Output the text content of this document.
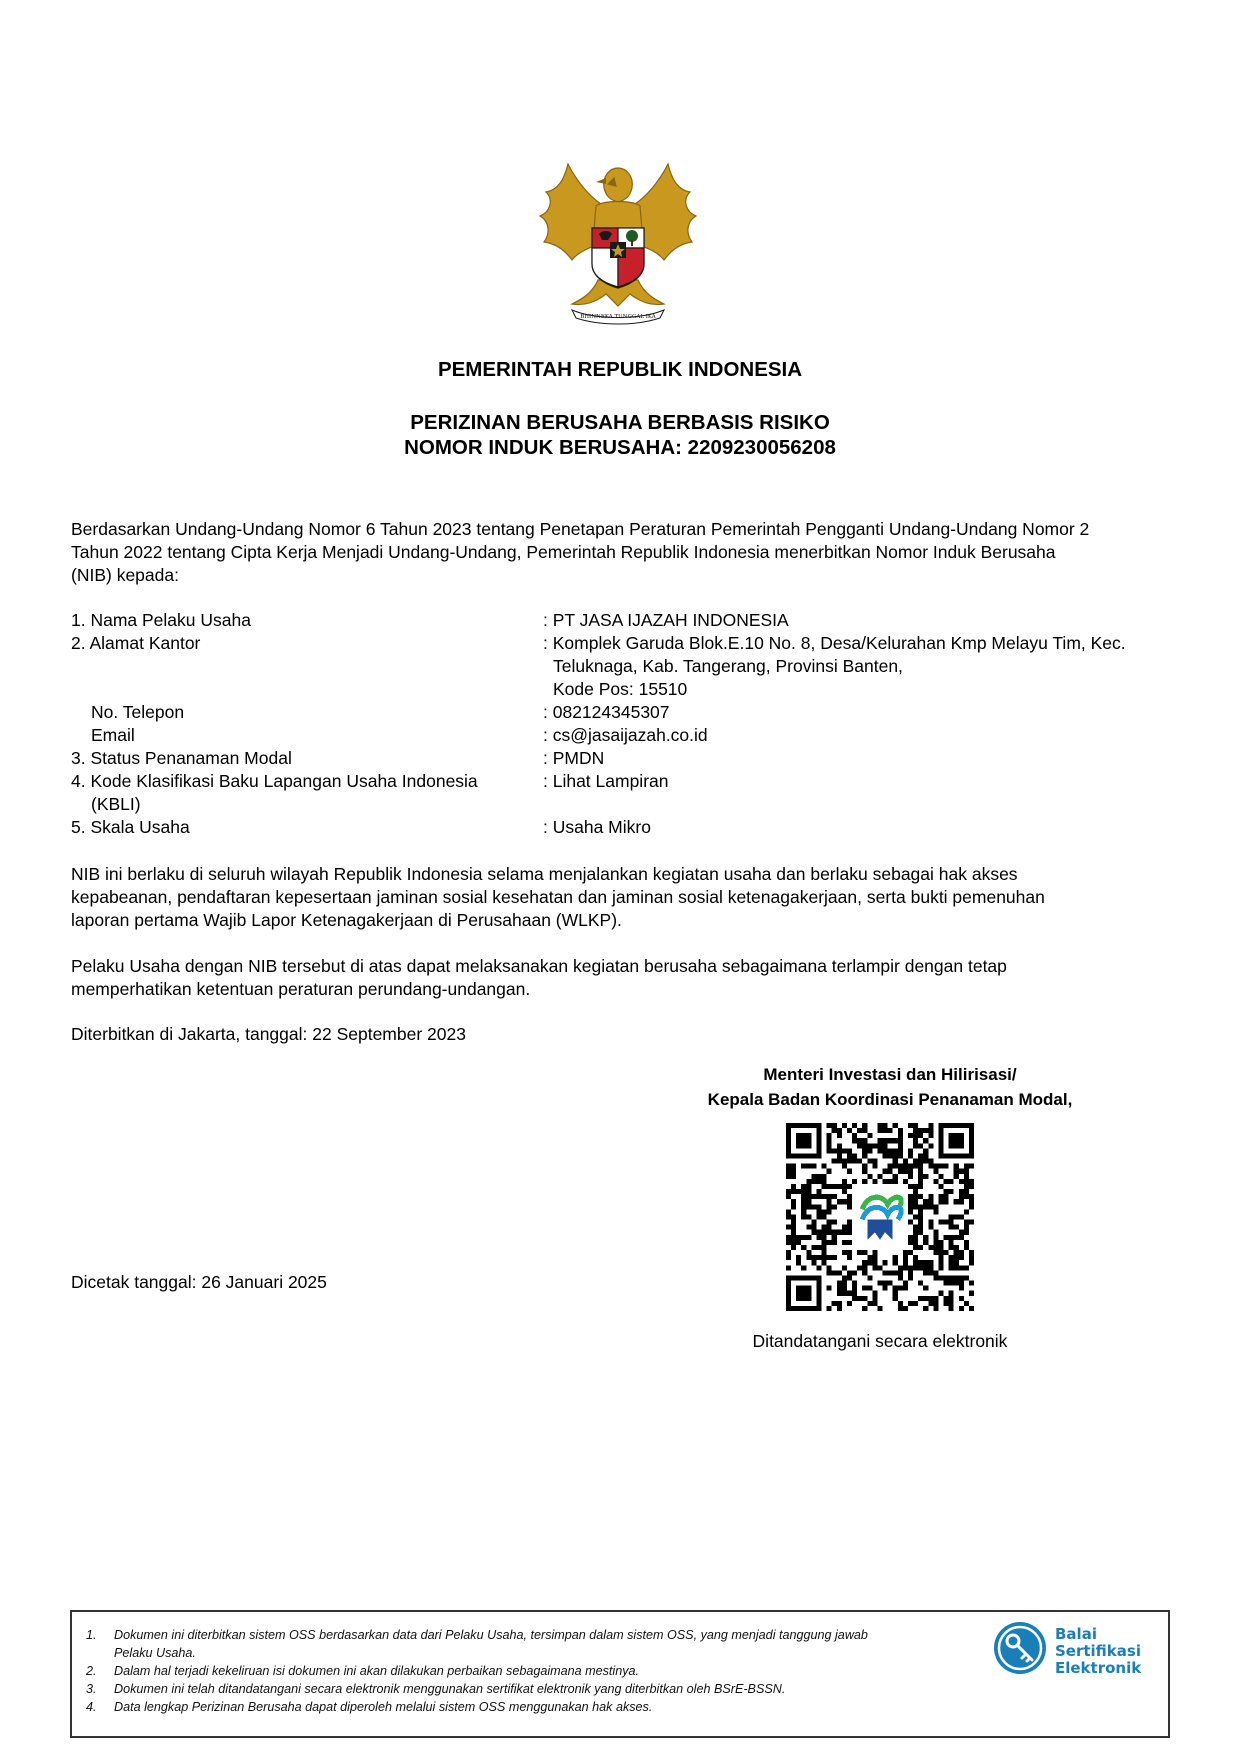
BHINNEKA TUNGGAL IKA
PEMERINTAH REPUBLIK INDONESIA
PERIZINAN BERUSAHA BERBASIS RISIKO
NOMOR INDUK BERUSAHA: 2209230056208
Berdasarkan Undang-Undang Nomor 6 Tahun 2023 tentang Penetapan Peraturan Pemerintah Pengganti Undang-Undang Nomor 2
Tahun 2022 tentang Cipta Kerja Menjadi Undang-Undang, Pemerintah Republik Indonesia menerbitkan Nomor Induk Berusaha
(NIB) kepada:
1. Nama Pelaku Usaha	: PT JASA IJAZAH INDONESIA
2. Alamat Kantor	: Komplek Garuda Blok.E.10 No. 8, Desa/Kelurahan Kmp Melayu Tim, Kec.
Teluknaga, Kab. Tangerang, Provinsi Banten,
Kode Pos: 15510
No. Telepon	: 082124345307
Email	: cs@jasaijazah.co.id
3. Status Penanaman Modal	: PMDN
4. Kode Klasifikasi Baku Lapangan Usaha Indonesia
(KBLI)
: Lihat Lampiran
5. Skala Usaha	: Usaha Mikro
NIB ini berlaku di seluruh wilayah Republik Indonesia selama menjalankan kegiatan usaha dan berlaku sebagai hak akses
kepabeanan, pendaftaran kepesertaan jaminan sosial kesehatan dan jaminan sosial ketenagakerjaan, serta bukti pemenuhan
laporan pertama Wajib Lapor Ketenagakerjaan di Perusahaan (WLKP).
Pelaku Usaha dengan NIB tersebut di atas dapat melaksanakan kegiatan berusaha sebagaimana terlampir dengan tetap
memperhatikan ketentuan peraturan perundang-undangan.
Diterbitkan di Jakarta, tanggal: 22 September 2023
Menteri Investasi dan Hilirisasi/
Kepala Badan Koordinasi Penanaman Modal,
Dicetak tanggal: 26 Januari 2025
Ditandatangani secara elektronik
1.	Dokumen ini diterbitkan sistem OSS berdasarkan data dari Pelaku Usaha, tersimpan dalam sistem OSS, yang menjadi tanggung jawab
Pelaku Usaha.
2.	Dalam hal terjadi kekeliruan isi dokumen ini akan dilakukan perbaikan sebagaimana mestinya.
3.	Dokumen ini telah ditandatangani secara elektronik menggunakan sertifikat elektronik yang diterbitkan oleh BSrE-BSSN.
4.	Data lengkap Perizinan Berusaha dapat diperoleh melalui sistem OSS menggunakan hak akses.
Balai
Sertifikasi
Elektronik
